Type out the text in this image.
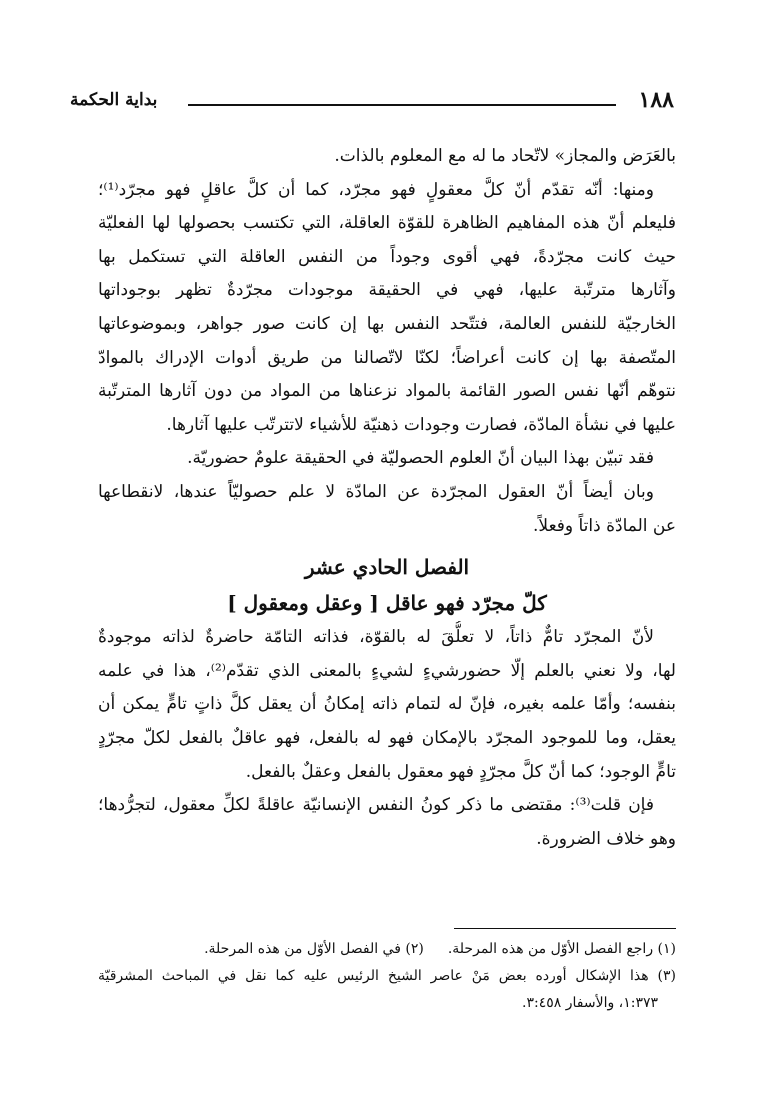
١٨٨
بداية الحكمة
بالعَرَض والمجاز» لاتّحاد ما له مع المعلوم بالذات.
ومنها: أنّه تقدّم أنّ كلَّ معقولٍ فهو مجرّد، كما أن كلَّ عاقلٍ فهو مجرّد⁽¹⁾؛
فليعلم أنّ هذه المفاهيم الظاهرة للقوّة العاقلة، التي تكتسب بحصولها لها الفعليّة
حيث كانت مجرّدةً، فهي أقوى وجوداً من النفس العاقلة التي تستكمل بها
وآثارها مترتّبة عليها، فهي في الحقيقة موجودات مجرّدةٌ تظهر بوجوداتها
الخارجيّة للنفس العالمة، فتتّحد النفس بها إن كانت صور جواهر، وبموضوعاتها
المتّصفة بها إن كانت أعراضاً؛ لكنّا لاتّصالنا من طريق أدوات الإدراك بالموادّ
نتوهّم أنّها نفس الصور القائمة بالمواد نزعناها من المواد من دون آثارها المترتّبة
عليها في نشأة المادّة، فصارت وجودات ذهنيّة للأشياء لاتترتّب عليها آثارها.
فقد تبيّن بهذا البيان أنّ العلوم الحصوليّة في الحقيقة علومٌ حضوريّة.
وبان أيضاً أنّ العقول المجرّدة عن المادّة لا علم حصوليّاً عندها، لانقطاعها
عن المادّة ذاتاً وفعلاً.
الفصل الحادي عشر
كلّ مجرّد فهو عاقل [ وعقل ومعقول ]
لأنّ المجرّد تامٌّ ذاتاً، لا تعلُّقَ له بالقوّة، فذاته التامّة حاضرةٌ لذاته موجودةٌ
لها، ولا نعني بالعلم إلّا حضورشيءٍ لشيءٍ بالمعنى الذي تقدّم⁽²⁾، هذا في علمه
بنفسه؛ وأمّا علمه بغيره، فإنّ له لتمام ذاته إمكانُ أن يعقل كلَّ ذاتٍ تامٍّ يمكن أن
يعقل، وما للموجود المجرّد بالإمكان فهو له بالفعل، فهو عاقلٌ بالفعل لكلّ مجرّدٍ
تامٍّ الوجود؛ كما أنّ كلَّ مجرّدٍ فهو معقول بالفعل وعقلٌ بالفعل.
فإن قلت⁽³⁾: مقتضى ما ذكر كونُ النفس الإنسانيّة عاقلةً لكلِّ معقول، لتجرُّدها؛
وهو خلاف الضرورة.
(١) راجع الفصل الأوّل من هذه المرحلة.(٢) في الفصل الأوّل من هذه المرحلة.
(٣) هذا الإشكال أورده بعض مَنْ عاصر الشيخ الرئيس عليه كما نقل في المباحث المشرقيّة
١:٣٧٣، والأسفار ٣:٤٥٨.
